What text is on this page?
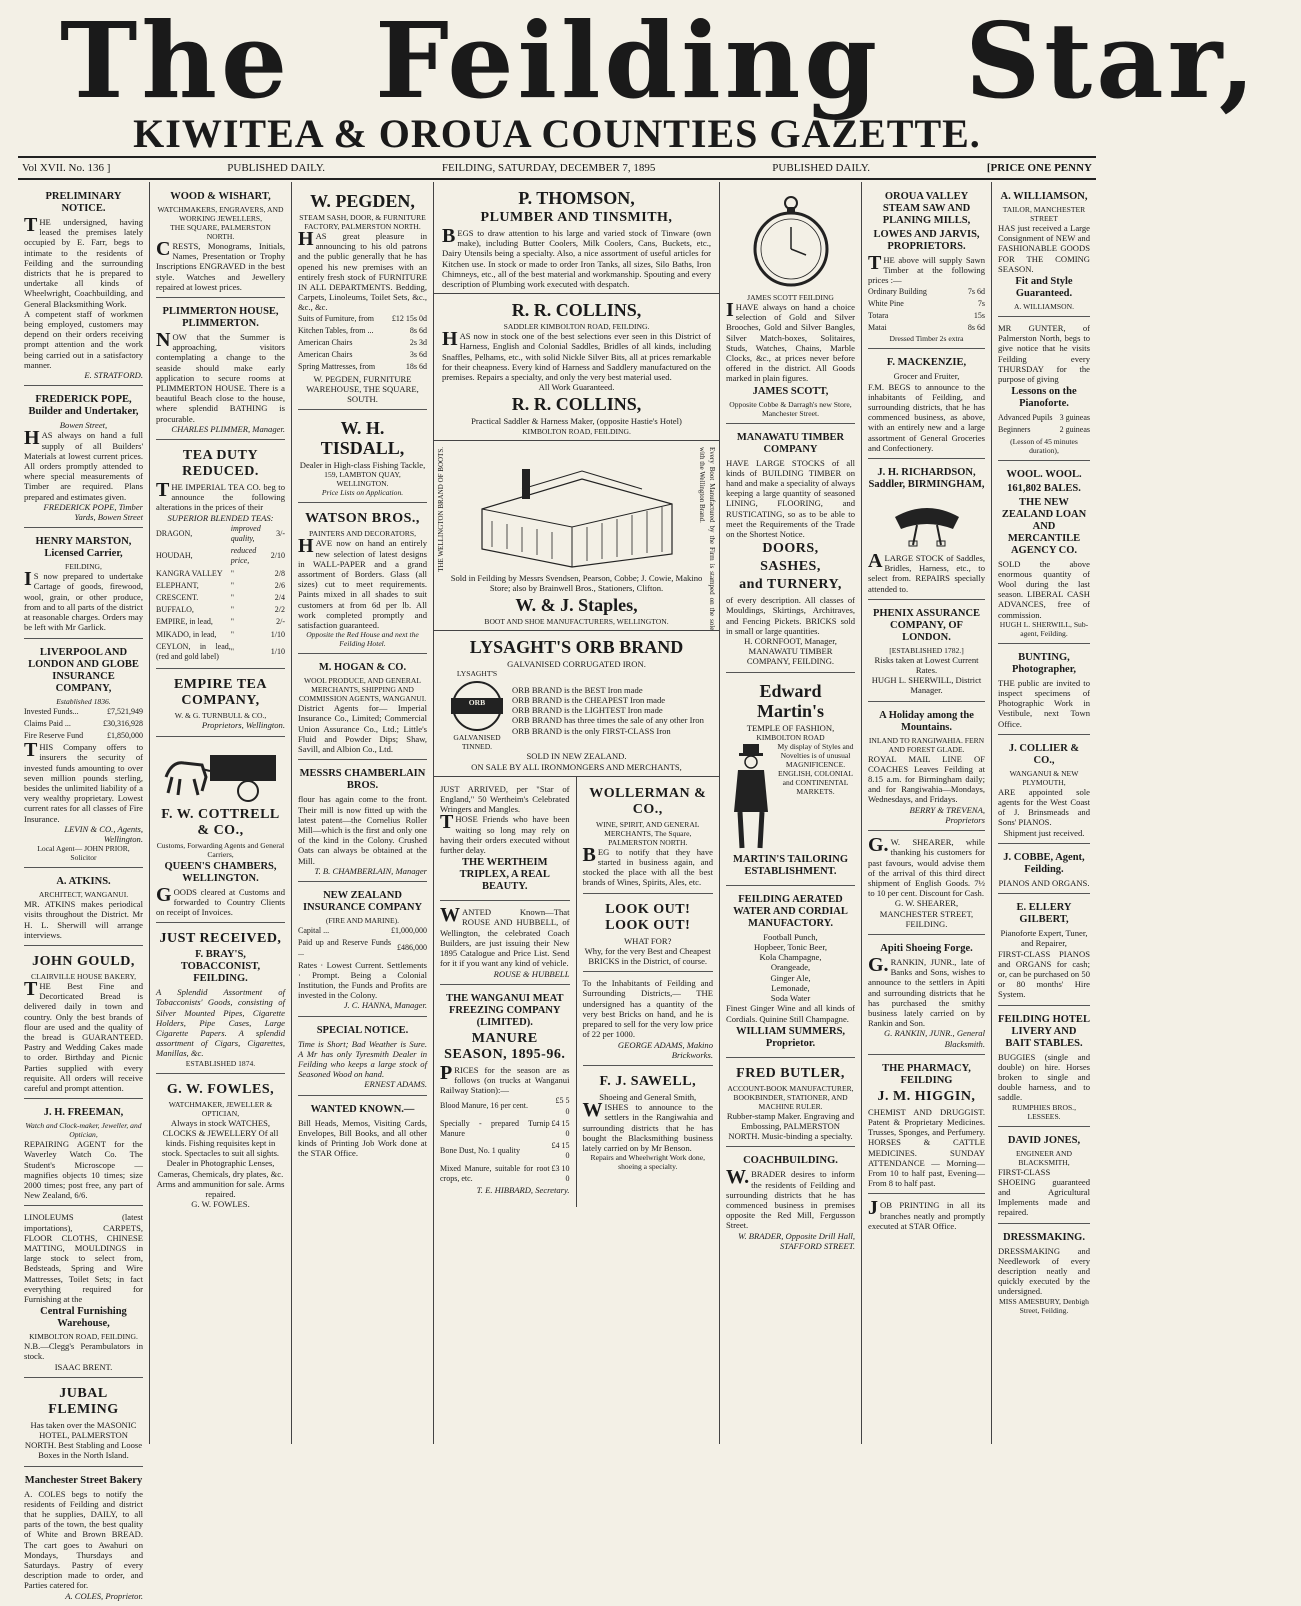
The Feilding Star,
KIWITEA & OROUA COUNTIES GAZETTE.
Vol XVII. No. 136 ]	PUBLISHED DAILY.	FEILDING, SATURDAY, DECEMBER 7, 1895	PUBLISHED DAILY.	[PRICE ONE PENNY
PRELIMINARY NOTICE.
THE undersigned, having leased the premises lately occupied by E. Farr, begs to intimate to the residents of Feilding and the surrounding districts that he is prepared to undertake all kinds of Wheelwright, Coachbuilding, and General Blacksmithing Work.
A competent staff of workmen being employed, customers may depend on their orders receiving prompt attention and the work being carried out in a satisfactory manner.
E. STRATFORD.
FREDERICK POPE, Builder and Undertaker,
Bowen Street,
HAS always on hand a full supply of all Builders' Materials at lowest current prices. All orders promptly attended to where special measurements of Timber are required. Plans prepared and estimates given.
FREDERICK POPE, Timber Yards, Bowen Street
HENRY MARSTON, Licensed Carrier,
FEILDING,
IS now prepared to undertake Cartage of goods, firewood, wool, grain, or other produce, from and to all parts of the district at reasonable charges. Orders may be left with Mr Garlick.
LIVERPOOL AND LONDON AND GLOBE INSURANCE COMPANY,
Established 1836.
Invested Funds...	£7,521,949
Claims Paid ...	£30,316,928
Fire Reserve Fund	£1,850,000
THIS Company offers to insurers the security of invested funds amounting to over seven million pounds sterling, besides the unlimited liability of a very wealthy proprietary. Lowest current rates for all classes of Fire Insurance.
LEVIN & CO., Agents, Wellington.
Local Agent— JOHN PRIOR, Solicitor
A. ATKINS.
ARCHITECT, WANGANUI.
MR. ATKINS makes periodical visits throughout the District. Mr H. L. Sherwill will arrange interviews.
JOHN GOULD,
CLAIRVILLE HOUSE BAKERY,
THE Best Fine and Decorticated Bread is delivered daily in town and country. Only the best brands of flour are used and the quality of the bread is GUARANTEED. Pastry and Wedding Cakes made to order. Birthday and Picnic Parties supplied with every requisite. All orders will receive careful and prompt attention.
J. H. FREEMAN,
Watch and Clock-maker, Jeweller, and Optician,
REPAIRING AGENT for the Waverley Watch Co. The Student's Microscope — magnifies objects 10 times; size 2000 times; post free, any part of New Zealand, 6/6.
LINOLEUMS (latest importations), CARPETS, FLOOR CLOTHS, CHINESE MATTING, MOULDINGS in large stock to select from, Bedsteads, Spring and Wire Mattresses, Toilet Sets; in fact everything required for Furnishing at the
Central Furnishing Warehouse,
KIMBOLTON ROAD, FEILDING.
N.B.—Clegg's Perambulators in stock.
ISAAC BRENT.
JUBAL FLEMING
Has taken over the MASONIC HOTEL, PALMERSTON NORTH. Best Stabling and Loose Boxes in the North Island.
Manchester Street Bakery
A. COLES begs to notify the residents of Feilding and district that he supplies, DAILY, to all parts of the town, the best quality of White and Brown BREAD. The cart goes to Awahuri on Mondays, Thursdays and Saturdays. Pastry of every description made to order, and Parties catered for.
A. COLES, Proprietor.
WOOD & WISHART,
WATCHMAKERS, ENGRAVERS, AND WORKING JEWELLERS,
THE SQUARE, PALMERSTON NORTH.
CRESTS, Monograms, Initials, Names, Presentation or Trophy Inscriptions ENGRAVED in the best style. Watches and Jewellery repaired at lowest prices.
PLIMMERTON HOUSE, PLIMMERTON.
NOW that the Summer is approaching, visitors contemplating a change to the seaside should make early application to secure rooms at PLIMMERTON HOUSE. There is a beautiful Beach close to the house, where splendid BATHING is procurable.
CHARLES PLIMMER, Manager.
TEA DUTY REDUCED.
THE IMPERIAL TEA CO. beg to announce the following alterations in the prices of their
SUPERIOR BLENDED TEAS:
DRAGON,	improved quality,	3/-
HOUDAH,	reduced price,	2/10
KANGRA VALLEY	"	2/8
ELEPHANT,	"	2/6
CRESCENT.	"	2/4
BUFFALO,	"	2/2
EMPIRE, in lead,	"	2/-
MIKADO, in lead,	"	1/10
CEYLON, in lead, (red and gold label)	"	1/10
EMPIRE TEA COMPANY,
W. & G. TURNBULL & CO.,
Proprietors, Wellington.
F. W. COTTRELL & CO.,
Customs, Forwarding Agents and General Carriers,
QUEEN'S CHAMBERS, WELLINGTON.
GOODS cleared at Customs and forwarded to Country Clients on receipt of Invoices.
JUST RECEIVED,
F. BRAY'S, TOBACCONIST, FEILDING.
A Splendid Assortment of Tobacconists' Goods, consisting of Silver Mounted Pipes, Cigarette Holders, Pipe Cases, Large Cigarette Papers. A splendid assortment of Cigars, Cigarettes, Manillas, &c.
ESTABLISHED 1874.
G. W. FOWLES,
WATCHMAKER, JEWELLER & OPTICIAN,
Always in stock WATCHES, CLOCKS & JEWELLERY Of all kinds. Fishing requisites kept in stock. Spectacles to suit all sights. Dealer in Photographic Lenses, Cameras, Chemicals, dry plates, &c. Arms and ammunition for sale. Arms repaired.
G. W. FOWLES.
W. PEGDEN,
STEAM SASH, DOOR, & FURNITURE FACTORY, PALMERSTON NORTH.
HAS great pleasure in announcing to his old patrons and the public generally that he has opened his new premises with an entirely fresh stock of FURNITURE IN ALL DEPARTMENTS. Bedding, Carpets, Linoleums, Toilet Sets, &c., &c., &c.
Suits of Furniture, from	£12 15s 0d
Kitchen Tables, from ...	8s 6d
American Chairs	2s 3d
American Chairs	3s 6d
Spring Mattresses, from	18s 6d
W. PEGDEN, FURNITURE WAREHOUSE, THE SQUARE, SOUTH.
W. H. TISDALL,
Dealer in High-class Fishing Tackle,
159, LAMBTON QUAY, WELLINGTON.
Price Lists on Application.
WATSON BROS.,
PAINTERS AND DECORATORS,
HAVE now on hand an entirely new selection of latest designs in WALL-PAPER and a grand assortment of Borders. Glass (all sizes) cut to meet requirements. Paints mixed in all shades to suit customers at from 6d per lb. All work completed promptly and satisfaction guaranteed.
Opposite the Red House and next the Feilding Hotel.
M. HOGAN & CO.
WOOL PRODUCE, AND GENERAL MERCHANTS, SHIPPING AND COMMISSION AGENTS, WANGANUI.
District Agents for— Imperial Insurance Co., Limited; Commercial Union Assurance Co., Ltd.; Little's Fluid and Powder Dips; Shaw, Savill, and Albion Co., Ltd.
MESSRS CHAMBERLAIN BROS.
flour has again come to the front. Their mill is now fitted up with the latest patent—the Cornelius Roller Mill—which is the first and only one of the kind in the Colony. Crushed Oats can always be obtained at the Mill.
T. B. CHAMBERLAIN, Manager
NEW ZEALAND INSURANCE COMPANY
(FIRE AND MARINE).
Capital ...	£1,000,000
Paid up and Reserve Funds ...	£486,000
Rates · Lowest Current. Settlements · Prompt. Being a Colonial Institution, the Funds and Profits are invested in the Colony.
J. C. HANNA, Manager.
SPECIAL NOTICE.
Time is Short; Bad Weather is Sure. A Mr has only Tyresmith Dealer in Feilding who keeps a large stock of Seasoned Wood on hand.
ERNEST ADAMS.
WANTED KNOWN.—
Bill Heads, Memos, Visiting Cards, Envelopes, Bill Books, and all other kinds of Printing Job Work done at the STAR Office.
P. THOMSON,
PLUMBER AND TINSMITH,
BEGS to draw attention to his large and varied stock of Tinware (own make), including Butter Coolers, Milk Coolers, Cans, Buckets, etc., Dairy Utensils being a specialty. Also, a nice assortment of useful articles for Kitchen use. In stock or made to order Iron Tanks, all sizes, Silo Baths, Iron Chimneys, etc., all of the best material and workmanship. Spouting and every description of Plumbing work executed with despatch.
R. R. COLLINS,
SADDLER KIMBOLTON ROAD, FEILDING.
HAS now in stock one of the best selections ever seen in this District of Harness, English and Colonial Saddles, Bridles of all kinds, including Snaffles, Pelhams, etc., with solid Nickle Silver Bits, all at prices remarkable for their cheapness. Every kind of Harness and Saddlery manufactured on the premises. Repairs a specialty, and only the very best material used.
All Work Guaranteed.
R. R. COLLINS,
Practical Saddler & Harness Maker, (opposite Hastie's Hotel)
KIMBOLTON ROAD, FEILDING.
THE WELLINGTON BRAND OF BOOTS.	Every Boot Manufactured by the Firm is stamped on the sole with the Wellington Brand.
Sold in Feilding by Messrs Svendsen, Pearson, Cobbe; J. Cowie, Makino Store; also by Brainwell Bros., Stationers, Clifton.
W. & J. Staples,
BOOT AND SHOE MANUFACTURERS, WELLINGTON.
LYSAGHT'S ORB BRAND
GALVANISED CORRUGATED IRON.
LYSAGHT'S
ORB
GALVANISED TINNED.
ORB BRAND is the BEST Iron made
ORB BRAND is the CHEAPEST Iron made
ORB BRAND is the LIGHTEST Iron made
ORB BRAND has three times the sale of any other Iron
ORB BRAND is the only FIRST-CLASS Iron
SOLD IN NEW ZEALAND.
ON SALE BY ALL IRONMONGERS AND MERCHANTS,
JUST ARRIVED, per "Star of England," 50 Wertheim's Celebrated Wringers and Mangles.
THOSE Friends who have been waiting so long may rely on having their orders executed without further delay.
THE WERTHEIM TRIPLEX, A REAL BEAUTY.
WANTED Known—That ROUSE AND HUBBELL, of Wellington, the celebrated Coach Builders, are just issuing their New 1895 Catalogue and Price List. Send for it if you want any kind of vehicle.
ROUSE & HUBBELL
THE WANGANUI MEAT FREEZING COMPANY (LIMITED).
MANURE SEASON, 1895-96.
PRICES for the season are as follows (on trucks at Wanganui Railway Station):—
Blood Manure, 16 per cent.	£5 5 0
Specially - prepared Turnip Manure	£4 15 0
Bone Dust, No. 1 quality	£4 15 0
Mixed Manure, suitable for root crops, etc.	£3 10 0
T. E. HIBBARD, Secretary.
WOLLERMAN & CO.,
WINE, SPIRIT, AND GENERAL MERCHANTS, The Square, PALMERSTON NORTH.
BEG to notify that they have started in business again, and stocked the place with all the best brands of Wines, Spirits, Ales, etc.
LOOK OUT! LOOK OUT!
WHAT FOR?
Why, for the very Best and Cheapest BRICKS in the District, of course.
To the Inhabitants of Feilding and Surrounding Districts,— THE undersigned has a quantity of the very best Bricks on hand, and he is prepared to sell for the very low price of 22 per 1000.
GEORGE ADAMS, Makino Brickworks.
F. J. SAWELL,
Shoeing and General Smith,
WISHES to announce to the settlers in the Rangiwahia and surrounding districts that he has bought the Blacksmithing business lately carried on by Mr Benson.
Repairs and Wheelwright Work done, shoeing a specialty.
JAMES SCOTT FEILDING
IHAVE always on hand a choice selection of Gold and Silver Brooches, Gold and Silver Bangles, Silver Match-boxes, Solitaires, Studs, Watches, Chains, Marble Clocks, &c., at prices never before offered in the district. All Goods marked in plain figures.
JAMES SCOTT,
Opposite Cobbe & Darragh's new Store, Manchester Street.
MANAWATU TIMBER COMPANY
HAVE LARGE STOCKS of all kinds of BUILDING TIMBER on hand and make a speciality of always keeping a large quantity of seasoned LINING, FLOORING, and RUSTICATING, so as to be able to meet the Requirements of the Trade on the Shortest Notice.
DOORS,
SASHES,
and TURNERY,
of every description. All classes of Mouldings, Skirtings, Architraves, and Fencing Pickets. BRICKS sold in small or large quantities.
H. CORNFOOT, Manager, MANAWATU TIMBER COMPANY, FEILDING.
Edward Martin's
TEMPLE OF FASHION,
KIMBOLTON ROAD
My display of Styles and Novelties is of unusual MAGNIFICENCE. ENGLISH, COLONIAL and CONTINENTAL MARKETS.
MARTIN'S TAILORING ESTABLISHMENT.
FEILDING AERATED WATER AND CORDIAL MANUFACTORY.
Football Punch,
Hopbeer, Tonic Beer,
Kola Champagne,
Orangeade,
Ginger Ale,
Lemonade,
Soda Water
Finest Ginger Wine and all kinds of Cordials. Quinine Still Champagne.
WILLIAM SUMMERS, Proprietor.
FRED BUTLER,
ACCOUNT-BOOK MANUFACTURER, BOOKBINDER, STATIONER, AND MACHINE RULER.
Rubber-stamp Maker. Engraving and Embossing, PALMERSTON NORTH. Music-binding a specialty.
COACHBUILDING.
W.BRADER desires to inform the residents of Feilding and surrounding districts that he has commenced business in premises opposite the Red Mill, Fergusson Street.
W. BRADER, Opposite Drill Hall, STAFFORD STREET.
OROUA VALLEY STEAM SAW AND PLANING MILLS,
LOWES AND JARVIS, PROPRIETORS.
THE above will supply Sawn Timber at the following prices :—
Ordinary Building	7s 6d
White Pine	7s
Totara	15s
Matai	8s 6d
Dressed Timber 2s extra
F. MACKENZIE,
Grocer and Fruiter,
F.M. BEGS to announce to the inhabitants of Feilding, and surrounding districts, that he has commenced business, as above, with an entirely new and a large assortment of General Groceries and Confectionery.
J. H. RICHARDSON, Saddler, BIRMINGHAM,
ALARGE STOCK of Saddles, Bridles, Harness, etc., to select from. REPAIRS specially attended to.
PHENIX ASSURANCE COMPANY, OF LONDON.
[ESTABLISHED 1782.]
Risks taken at Lowest Current Rates.
HUGH L. SHERWILL, District Manager.
A Holiday among the Mountains.
INLAND TO RANGIWAHIA. FERN AND FOREST GLADE.
ROYAL MAIL LINE OF COACHES Leaves Feilding at 8.15 a.m. for Birmingham daily; and for Rangiwahia—Mondays, Wednesdays, and Fridays.
BERRY & TREVENA, Proprietors
G.W. SHEARER, while thanking his customers for past favours, would advise them of the arrival of this third direct shipment of English Goods. 7½ to 10 per cent. Discount for Cash.
G. W. SHEARER, MANCHESTER STREET, FEILDING.
Apiti Shoeing Forge.
G.RANKIN, JUNR., late of Banks and Sons, wishes to announce to the settlers in Apiti and surrounding districts that he has purchased the smithy business lately carried on by Rankin and Son.
G. RANKIN, JUNR., General Blacksmith.
THE PHARMACY, FEILDING
J. M. HIGGIN,
CHEMIST AND DRUGGIST. Patent & Proprietary Medicines. Trusses, Sponges, and Perfumery. HORSES & CATTLE MEDICINES. SUNDAY ATTENDANCE — Morning—From 10 to half past, Evening—From 8 to half past.
JOB PRINTING in all its branches neatly and promptly executed at STAR Office.
A. WILLIAMSON,
TAILOR, MANCHESTER STREET
HAS just received a Large Consignment of NEW and FASHIONABLE GOODS FOR THE COMING SEASON.
Fit and Style Guaranteed.
A. WILLIAMSON.
MR GUNTER, of Palmerston North, begs to give notice that he visits Feilding every THURSDAY for the purpose of giving
Lessons on the Pianoforte.
Advanced Pupils	3 guineas
Beginners	2 guineas
(Lesson of 45 minutes duration),
WOOL. WOOL.
161,802 BALES.
THE NEW ZEALAND LOAN AND MERCANTILE AGENCY CO.
SOLD the above enormous quantity of Wool during the last season. LIBERAL CASH ADVANCES, free of commission.
HUGH L. SHERWILL, Sub-agent, Feilding.
BUNTING, Photographer,
THE public are invited to inspect specimens of Photographic Work in Vestibule, next Town Office.
J. COLLIER & CO.,
WANGANUI & NEW PLYMOUTH,
ARE appointed sole agents for the West Coast of J. Brinsmeads and Sons' PIANOS.
Shipment just received.
J. COBBE, Agent, Feilding.
PIANOS AND ORGANS.
E. ELLERY GILBERT,
Pianoforte Expert, Tuner, and Repairer,
FIRST-CLASS PIANOS and ORGANS for cash; or, can be purchased on 50 or 80 months' Hire System.
FEILDING HOTEL LIVERY AND BAIT STABLES.
BUGGIES (single and double) on hire. Horses broken to single and double harness, and to saddle.
RUMPHIES BROS., LESSEES.
DAVID JONES,
ENGINEER AND BLACKSMITH,
FIRST-CLASS SHOEING guaranteed and Agricultural Implements made and repaired.
DRESSMAKING.
DRESSMAKING and Needlework of every description neatly and quickly executed by the undersigned.
MISS AMESBURY, Denbigh Street, Feilding.
